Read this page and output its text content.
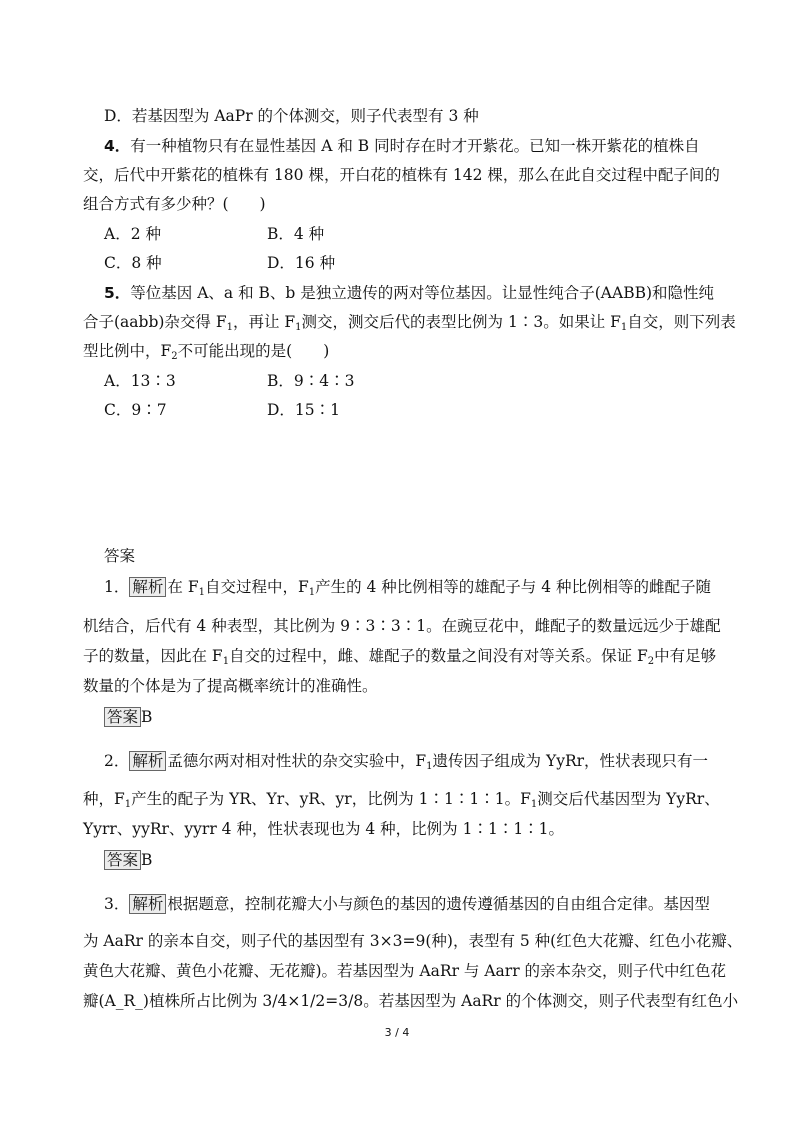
D．若基因型为 AaPr 的个体测交，则子代表型有 3 种
4．有一种植物只有在显性基因 A 和 B 同时存在时才开紫花。已知一株开紫花的植株自
交，后代中开紫花的植株有 180 棵，开白花的植株有 142 棵，那么在此自交过程中配子间的
组合方式有多少种？(　　)
A．2 种	B．4 种
C．8 种	D．16 种
5．等位基因 A、a 和 B、b 是独立遗传的两对等位基因。让显性纯合子(AABB)和隐性纯
合子(aabb)杂交得 $F_1$，再让 $F_1$测交，测交后代的表型比例为 1∶3。如果让 $F_1$自交，则下列表
型比例中，$F_2$不可能出现的是(　　)
A．13∶3	B．9∶4∶3
C．9∶7	D．15∶1
答案
1． 解析 在 $F_1$自交过程中，$F_1$产生的 4 种比例相等的雄配子与 4 种比例相等的雌配子随
机结合，后代有 4 种表型，其比例为 9∶3∶3∶1。在豌豆花中，雌配子的数量远远少于雄配
子的数量，因此在 $F_1$自交的过程中，雌、雄配子的数量之间没有对等关系。保证 $F_2$中有足够
数量的个体是为了提高概率统计的准确性。
答案 B
2． 解析 孟德尔两对相对性状的杂交实验中，$F_1$遗传因子组成为 YyRr，性状表现只有一
种，$F_1$产生的配子为 YR、Yr、yR、yr，比例为 1∶1∶1∶1。$F_1$测交后代基因型为 YyRr、
Yyrr、yyRr、yyrr 4 种，性状表现也为 4 种，比例为 1∶1∶1∶1。
答案 B
3． 解析 根据题意，控制花瓣大小与颜色的基因的遗传遵循基因的自由组合定律。基因型
为 AaRr 的亲本自交，则子代的基因型有 3×3=9(种)，表型有 5 种(红色大花瓣、红色小花瓣、
黄色大花瓣、黄色小花瓣、无花瓣)。若基因型为 AaRr 与 Aarr 的亲本杂交，则子代中红色花
瓣(A_R_)植株所占比例为 3/4×1/2=3/8。若基因型为 AaRr 的个体测交，则子代表型有红色小
3 / 4
